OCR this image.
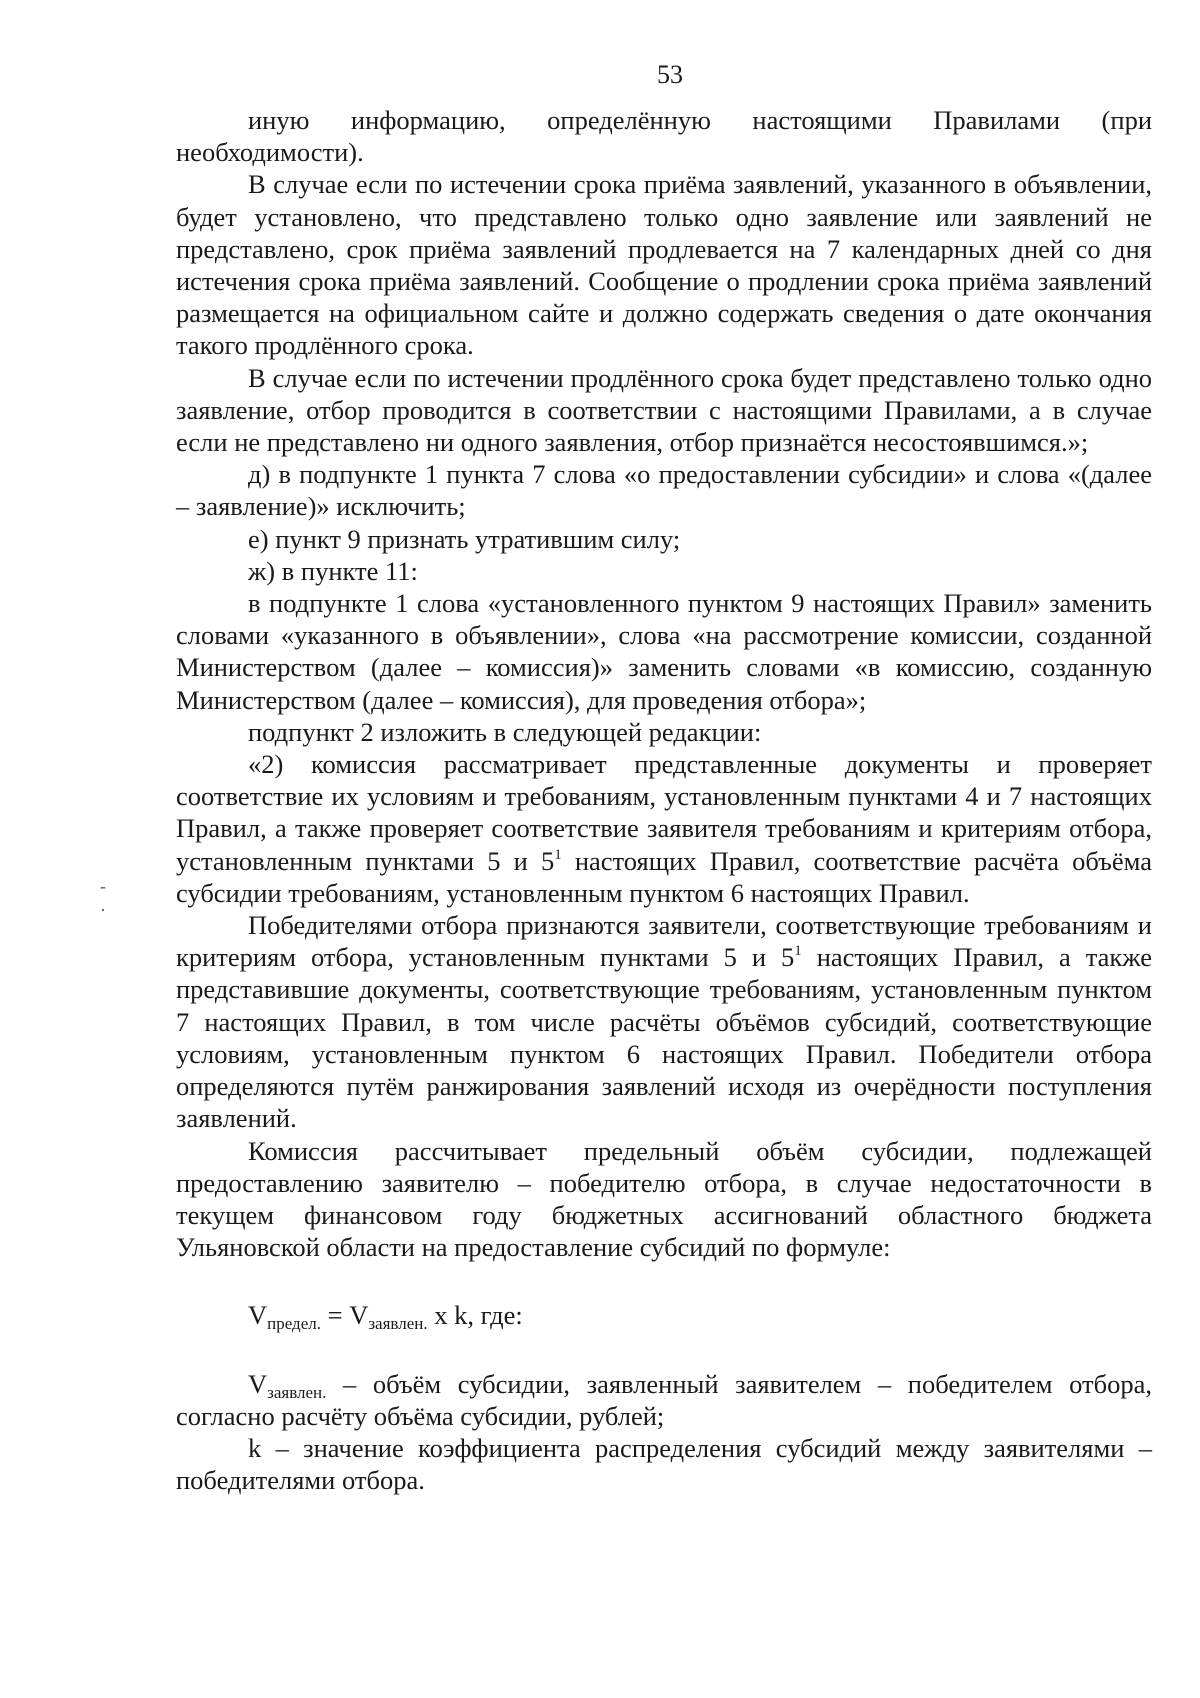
53
-
·

иную информацию, определённую настоящими Правилами (при необходимости).

В случае если по истечении срока приёма заявлений, указанного в объявлении, будет установлено, что представлено только одно заявление или заявлений не представлено, срок приёма заявлений продлевается на 7 календарных дней со дня истечения срока приёма заявлений. Сообщение о продлении срока приёма заявлений размещается на официальном сайте и должно содержать сведения о дате окончания такого продлённого срока.

В случае если по истечении продлённого срока будет представлено только одно заявление, отбор проводится в соответствии с настоящими Правилами, а в случае если не представлено ни одного заявления, отбор признаётся несостоявшимся.»;

д) в подпункте 1 пункта 7 слова «о предоставлении субсидии» и слова «(далее – заявление)» исключить;

е) пункт 9 признать утратившим силу;

ж) в пункте 11:

в подпункте 1 слова «установленного пунктом 9 настоящих Правил» заменить словами «указанного в объявлении», слова «на рассмотрение комиссии, созданной Министерством (далее – комиссия)» заменить словами «в комиссию, созданную Министерством (далее – комиссия), для проведения отбора»;

подпункт 2 изложить в следующей редакции:

«2) комиссия рассматривает представленные документы и проверяет соответствие их условиям и требованиям, установленным пунктами 4 и 7 настоящих Правил, а также проверяет соответствие заявителя требованиям и критериям отбора, установленным пунктами 5 и $5^1$ настоящих Правил, соответствие расчёта объёма субсидии требованиям, установленным пунктом 6 настоящих Правил.

Победителями отбора признаются заявители, соответствующие требованиям и критериям отбора, установленным пунктами 5 и $5^1$ настоящих Правил, а также представившие документы, соответствующие требованиям, установленным пунктом 7 настоящих Правил, в том числе расчёты объёмов субсидий, соответствующие условиям, установленным пунктом 6 настоящих Правил. Победители отбора определяются путём ранжирования заявлений исходя из очерёдности поступления заявлений.

Комиссия рассчитывает предельный объём субсидии, подлежащей предоставлению заявителю – победителю отбора, в случае недостаточности в текущем финансовом году бюджетных ассигнований областного бюджета Ульяновской области на предоставление субсидий по формуле:

$V_{предел.} = V_{заявлен.}$ x k, где:

$V_{заявлен.}$ – объём субсидии, заявленный заявителем – победителем отбора, согласно расчёту объёма субсидии, рублей;

k – значение коэффициента распределения субсидий между заявителями – победителями отбора.
